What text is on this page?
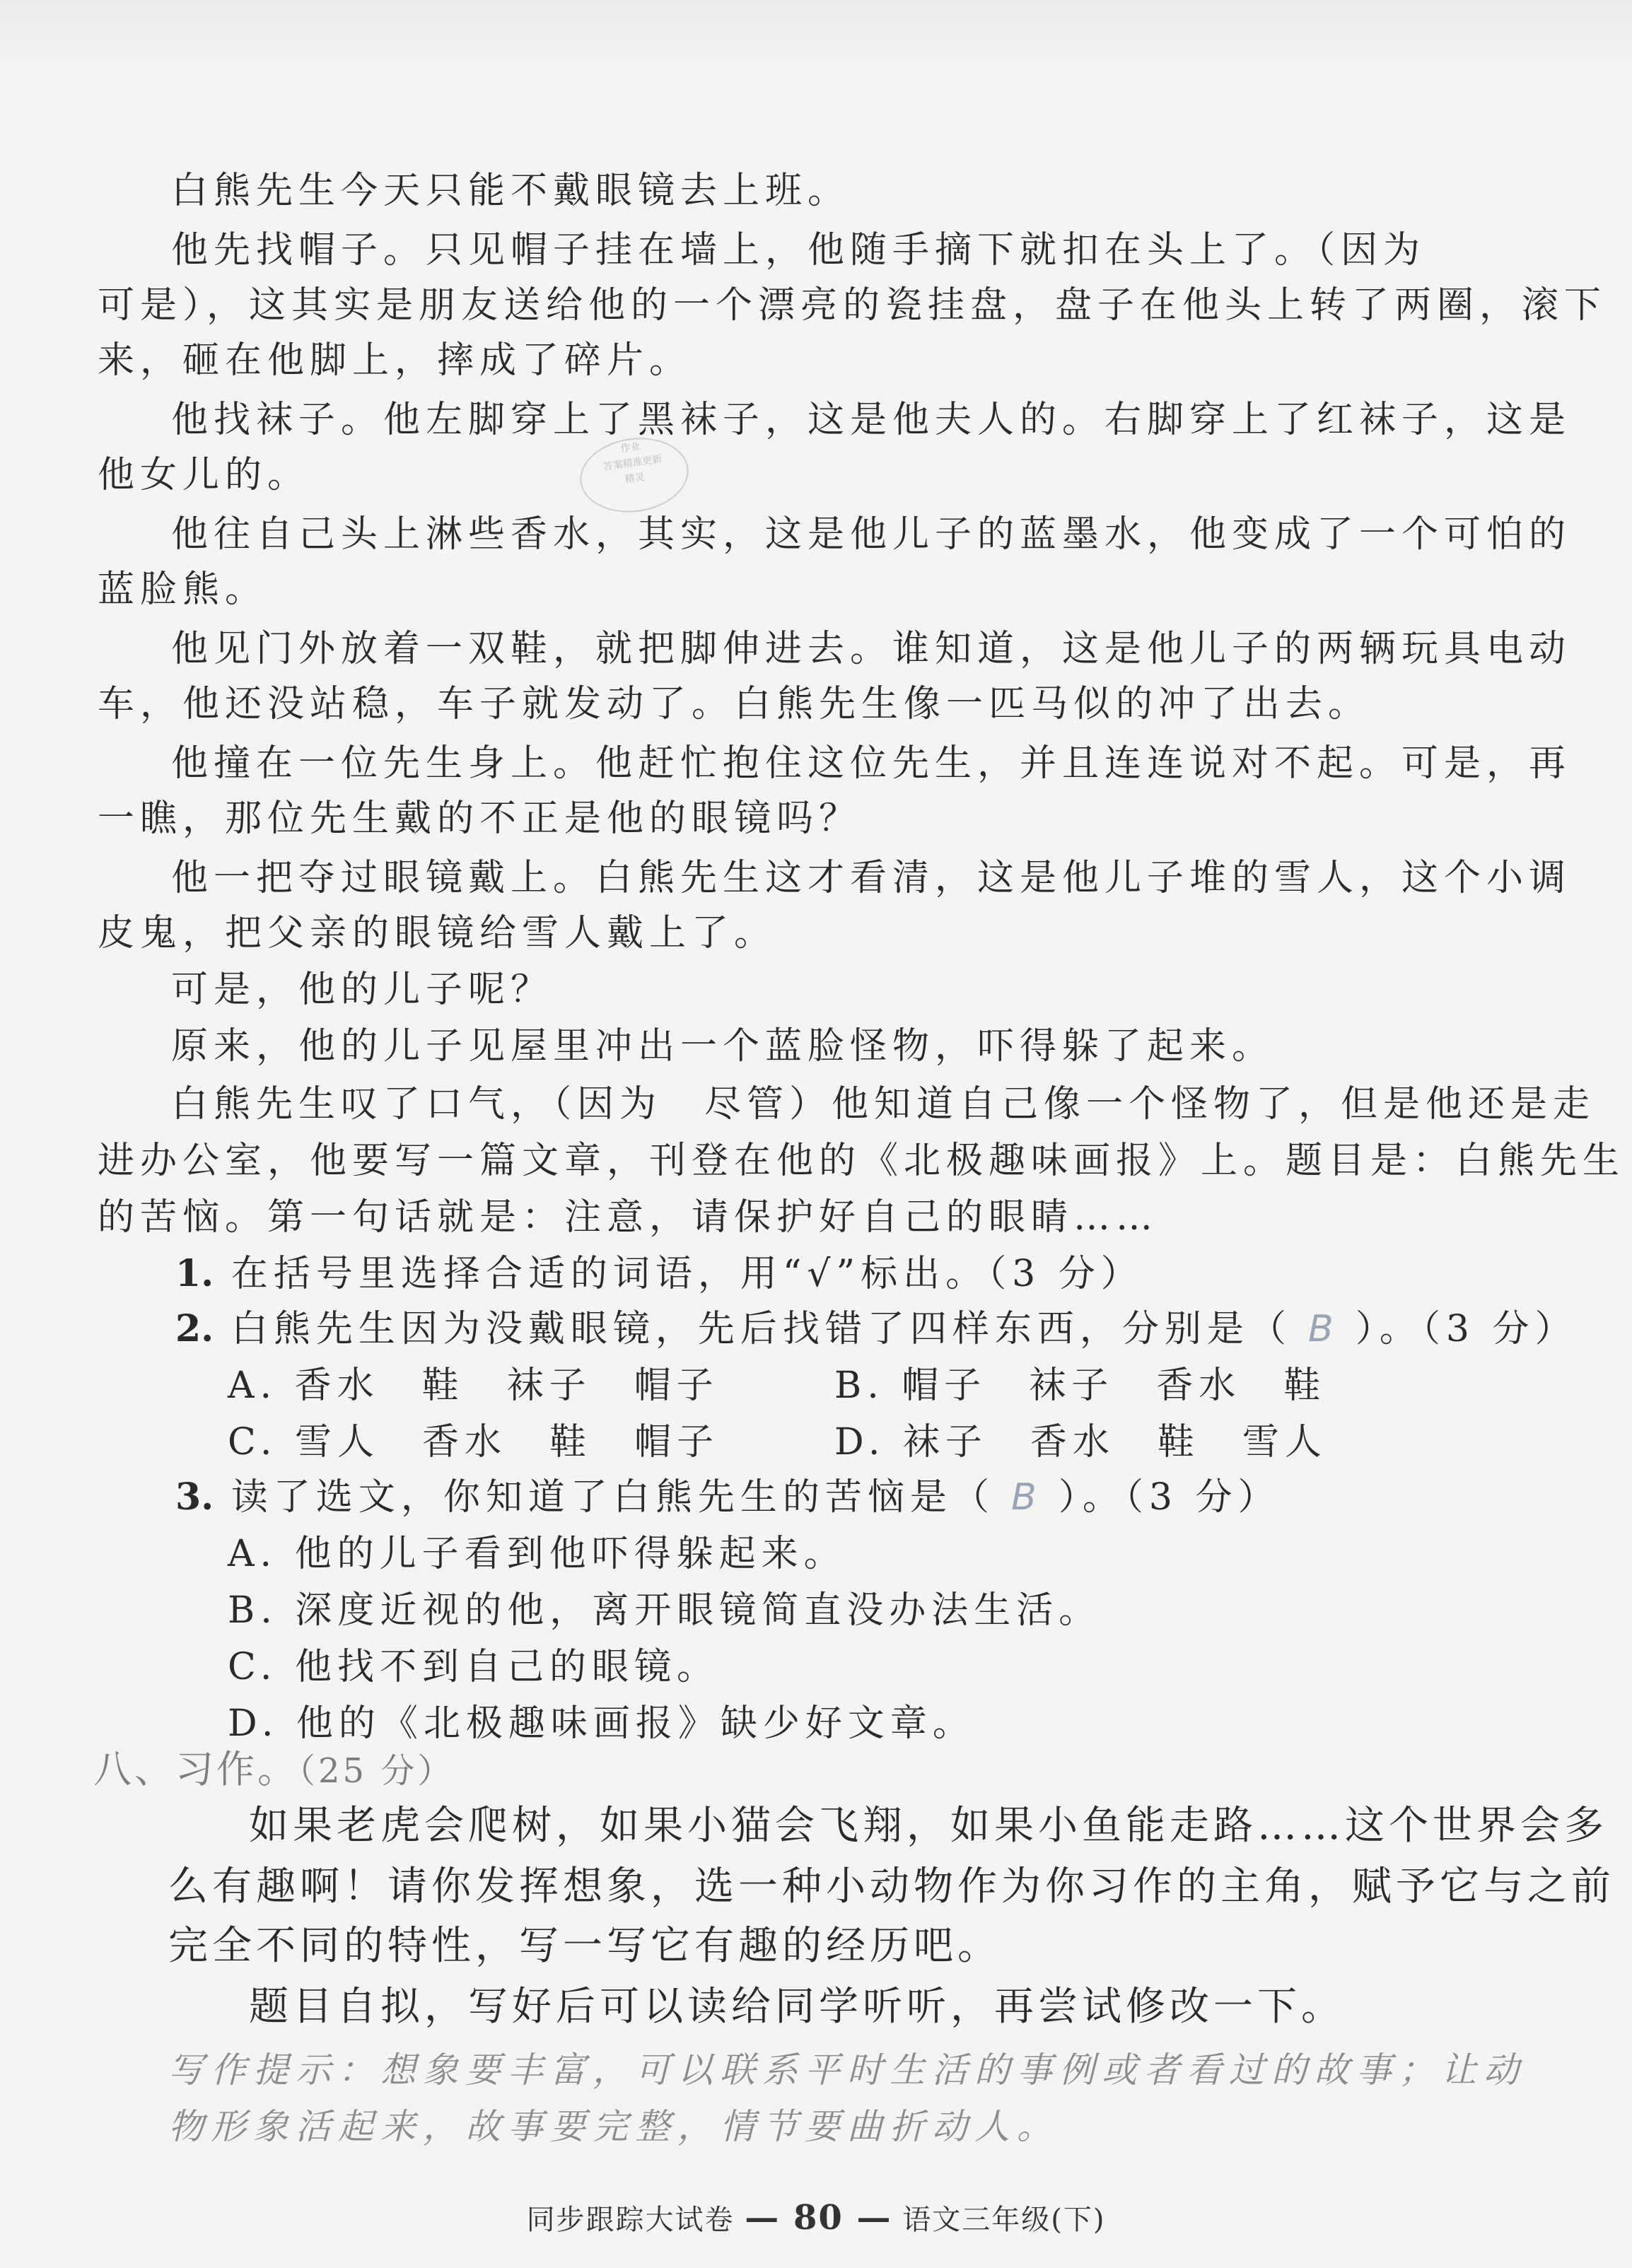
白熊先生今天只能不戴眼镜去上班。
他先找帽子。只见帽子挂在墙上，他随手摘下就扣在头上了。（因为
可是），这其实是朋友送给他的一个漂亮的瓷挂盘，盘子在他头上转了两圈，滚下
来，砸在他脚上，摔成了碎片。
他找袜子。他左脚穿上了黑袜子，这是他夫人的。右脚穿上了红袜子，这是
他女儿的。
作业
答案精准更新
精灵
他往自己头上淋些香水，其实，这是他儿子的蓝墨水，他变成了一个可怕的
蓝脸熊。
他见门外放着一双鞋，就把脚伸进去。谁知道，这是他儿子的两辆玩具电动
车，他还没站稳，车子就发动了。白熊先生像一匹马似的冲了出去。
他撞在一位先生身上。他赶忙抱住这位先生，并且连连说对不起。可是，再
一瞧，那位先生戴的不正是他的眼镜吗？
他一把夺过眼镜戴上。白熊先生这才看清，这是他儿子堆的雪人，这个小调
皮鬼，把父亲的眼镜给雪人戴上了。
可是，他的儿子呢？
原来，他的儿子见屋里冲出一个蓝脸怪物，吓得躲了起来。
白熊先生叹了口气，（因为　尽管）他知道自己像一个怪物了，但是他还是走
进办公室，他要写一篇文章，刊登在他的《北极趣味画报》上。题目是：白熊先生
的苦恼。第一句话就是：注意，请保护好自己的眼睛……
1. 在括号里选择合适的词语，用“√”标出。（3 分）
2. 白熊先生因为没戴眼镜，先后找错了四样东西，分别是（ B ）。（3 分）
A. 香水　鞋　袜子　帽子	B. 帽子　袜子　香水　鞋
C. 雪人　香水　鞋　帽子	D. 袜子　香水　鞋　雪人
3. 读了选文，你知道了白熊先生的苦恼是（ B ）。（3 分）
A. 他的儿子看到他吓得躲起来。
B. 深度近视的他，离开眼镜简直没办法生活。
C. 他找不到自己的眼镜。
D. 他的《北极趣味画报》缺少好文章。
八、习作。（25 分）
如果老虎会爬树，如果小猫会飞翔，如果小鱼能走路……这个世界会多
么有趣啊！请你发挥想象，选一种小动物作为你习作的主角，赋予它与之前
完全不同的特性，写一写它有趣的经历吧。
题目自拟，写好后可以读给同学听听，再尝试修改一下。
写作提示：想象要丰富，可以联系平时生活的事例或者看过的故事；让动
物形象活起来，故事要完整，情节要曲折动人。
同步跟踪大试卷 — 80 — 语文三年级(下)
